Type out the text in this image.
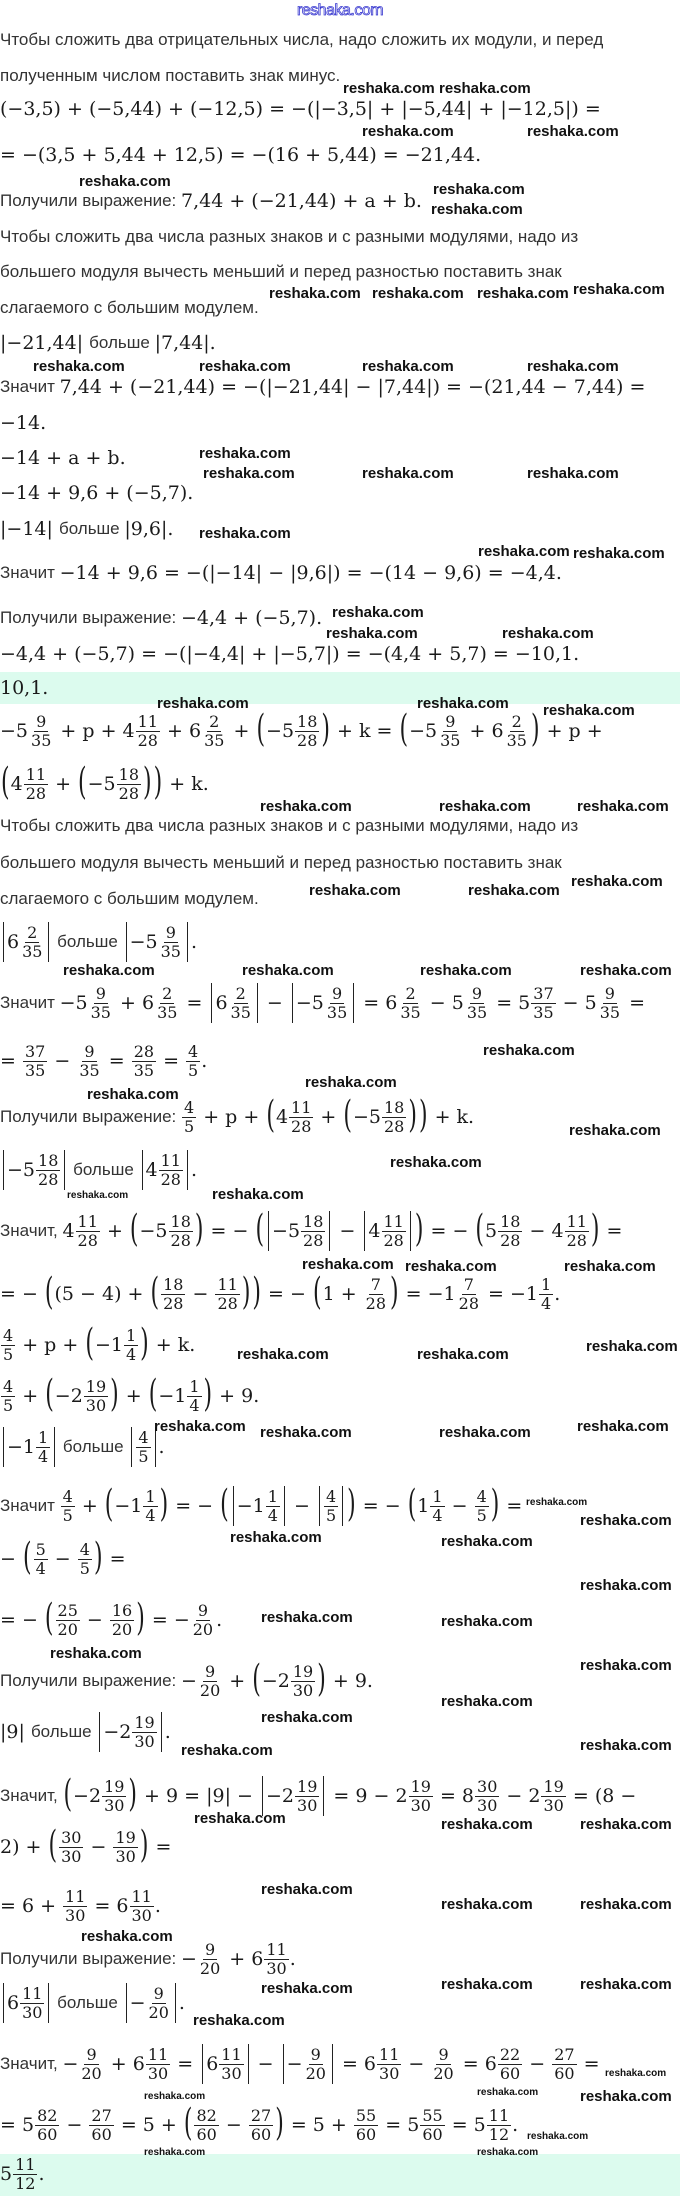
reshaka.com
Чтобы сложить два отрицательных числа, надо сложить их модули, и перед
полученным числом поставить знак минус.
(−3,5) + (−5,44) + (−12,5) = −(|−3,5| + |−5,44| + |−12,5|) =
= −(3,5 + 5,44 + 12,5) = −(16 + 5,44) = −21,44.
Получили выражение: 7,44 + (−21,44) + a + b.
Чтобы сложить два числа разных знаков и с разными модулями, надо из
большего модуля вычесть меньший и перед разностью поставить знак
слагаемого с большим модулем.
|−21,44| больше |7,44|.
Значит 7,44 + (−21,44) = −(|−21,44| − |7,44|) = −(21,44 − 7,44) =
−14.
−14 + a + b.
−14 + 9,6 + (−5,7).
|−14| больше |9,6|.
Значит −14 + 9,6 = −(|−14| − |9,6|) = −(14 − 9,6) = −4,4.
Получили выражение: −4,4 + (−5,7).
−4,4 + (−5,7) = −(|−4,4| + |−5,7|) = −(4,4 + 5,7) = −10,1.
10,1.
$-5 \frac{9}{35} + p + 4 \frac{11}{28} + 6 \frac{2}{35}$ + ( $-5 \frac{18}{28}$ ) + k = ( $-5 \frac{9}{35} + 6 \frac{2}{35}$ ) + p +
( $4 \frac{11}{28}$ + ( $-5 \frac{18}{28}$ ) ) + k.
Чтобы сложить два числа разных знаков и с разными модулями, надо из
большего модуля вычесть меньший и перед разностью поставить знак
слагаемого с большим модулем.
$6 \frac{2}{35}$ больше $-5 \frac{9}{35}$ .
Значит $-5 \frac{9}{35} + 6 \frac{2}{35} = 6 \frac{2}{35} - -5 \frac{9}{35} = 6 \frac{2}{35} - 5 \frac{9}{35} = 5 \frac{37}{35} - 5 \frac{9}{35}$ =
= $\frac{37}{35} - \frac{9}{35} = \frac{28}{35} = \frac{4}{5}$ .
Получили выражение: $\frac{4}{5} + p$ + ( $4 \frac{11}{28}$ + ( $-5 \frac{18}{28}$ ) ) + k.
$-5 \frac{18}{28}$ больше $4 \frac{11}{28}$ .
Значит, $4 \frac{11}{28}$ + ( $-5 \frac{18}{28}$ ) = − ( $-5 \frac{18}{28} - 4 \frac{11}{28}$ ) = − ( $5 \frac{18}{28} - 4 \frac{11}{28}$ ) =
= − ( (5 − 4) + ( $\frac{18}{28} - \frac{11}{28}$ ) ) = − ( $1 + \frac{7}{28}$ ) = $-1 \frac{7}{28} = -1 \frac{1}{4}$ .
$\frac{4}{5} + p$ + ( $-1 \frac{1}{4}$ ) + k.
$\frac{4}{5}$ + ( $-2 \frac{19}{30}$ ) + ( $-1 \frac{1}{4}$ ) + 9.
$-1 \frac{1}{4}$ больше $\frac{4}{5}$ .
Значит $\frac{4}{5}$ + ( $-1 \frac{1}{4}$ ) = − ( $-1 \frac{1}{4} - \frac{4}{5}$ ) = − ( $1 \frac{1}{4} - \frac{4}{5}$ ) =
− ( $\frac{5}{4} - \frac{4}{5}$ ) =
= − ( $\frac{25}{20} - \frac{16}{20}$ ) = − $\frac{9}{20}$ .
Получили выражение: − $\frac{9}{20}$ + ( $-2 \frac{19}{30}$ ) + 9.
|9| больше $-2 \frac{19}{30}$ .
Значит, ( $-2 \frac{19}{30}$ ) + $9 = |9| - -2 \frac{19}{30} = 9 - 2 \frac{19}{30} = 8 \frac{30}{30} - 2 \frac{19}{30} = (8$ −
2) + ( $\frac{30}{30} - \frac{19}{30}$ ) =
= $6 + \frac{11}{30} = 6 \frac{11}{30}$ .
Получили выражение: − $\frac{9}{20} + 6 \frac{11}{30}$ .
$6 \frac{11}{30}$ больше − $\frac{9}{20}$ .
Значит, − $\frac{9}{20} + 6 \frac{11}{30} = 6 \frac{11}{30}$ − − $\frac{9}{20} = 6 \frac{11}{30} - \frac{9}{20} = 6 \frac{22}{60} - \frac{27}{60}$ =
= $5 \frac{82}{60} - \frac{27}{60} = 5$ + ( $\frac{82}{60} - \frac{27}{60}$ ) = $5 + \frac{55}{60} = 5 \frac{55}{60} = 5 \frac{11}{12}$ .
$5 \frac{11}{12}$ .
reshaka.com reshaka.com
reshaka.com	reshaka.com
reshaka.com
reshaka.com
reshaka.com
reshaka.com
reshaka.com reshaka.com reshaka.com
reshaka.com	reshaka.com	reshaka.com	reshaka.com
reshaka.com
reshaka.com	reshaka.com	reshaka.com
reshaka.com
reshaka.com
reshaka.com
reshaka.com
reshaka.com	reshaka.com
reshaka.com
reshaka.com
reshaka.com
reshaka.com	reshaka.com	reshaka.com
reshaka.com
reshaka.com	reshaka.com
reshaka.com	reshaka.com	reshaka.com	reshaka.com
reshaka.com
reshaka.com
reshaka.com
reshaka.com
reshaka.com
reshaka.com
reshaka.com
reshaka.com
reshaka.com
reshaka.com
reshaka.com
reshaka.com	reshaka.com
reshaka.com reshaka.com	reshaka.com	reshaka.com
reshaka.com
reshaka.com
reshaka.com	reshaka.com
reshaka.com
reshaka.com	reshaka.com
reshaka.com
reshaka.com
reshaka.com
reshaka.com
reshaka.com
reshaka.com
reshaka.com	reshaka.com	reshaka.com
reshaka.com
reshaka.com	reshaka.com
reshaka.com
reshaka.com	reshaka.com	reshaka.com
reshaka.com
reshaka.com
reshaka.com	reshaka.com	reshaka.com
reshaka.com
reshaka.com	reshaka.com
